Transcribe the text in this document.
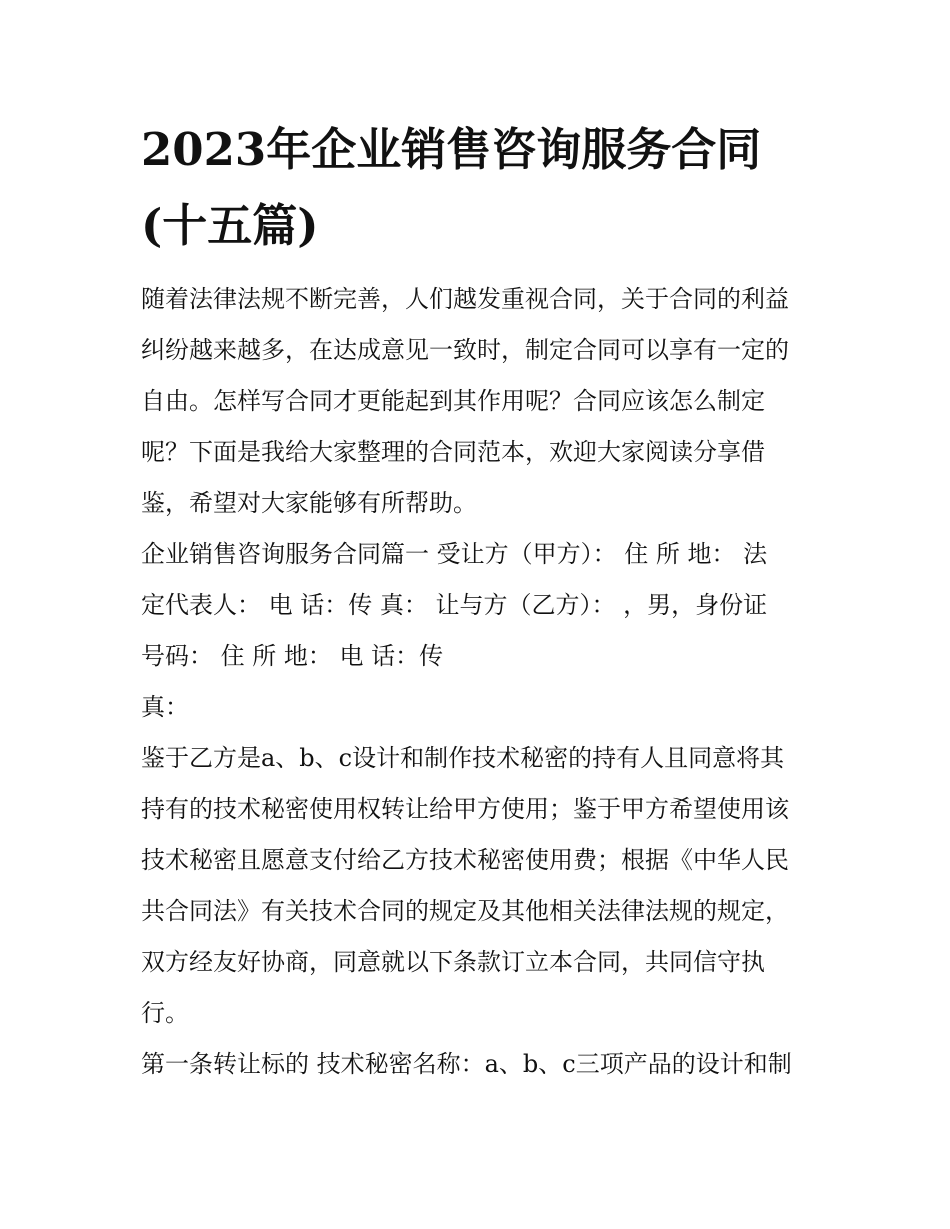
2023年企业销售咨询服务合同
(十五篇)

随着法律法规不断完善，人们越发重视合同，关于合同的利益
纠纷越来越多，在达成意见一致时，制定合同可以享有一定的
自由。怎样写合同才更能起到其作用呢？合同应该怎么制定
呢？下面是我给大家整理的合同范本，欢迎大家阅读分享借
鉴，希望对大家能够有所帮助。

企业销售咨询服务合同篇一 受让方（甲方）： 住 所 地： 法
定代表人： 电 话：传 真： 让与方（乙方）： ，男，身份证
号码： 住 所 地： 电 话：传
真：

鉴于乙方是a、b、c设计和制作技术秘密的持有人且同意将其
持有的技术秘密使用权转让给甲方使用；鉴于甲方希望使用该
技术秘密且愿意支付给乙方技术秘密使用费；根据《中华人民
共合同法》有关技术合同的规定及其他相关法律法规的规定，
双方经友好协商，同意就以下条款订立本合同，共同信守执
行。

第一条转让标的 技术秘密名称：a、b、c三项产品的设计和制
